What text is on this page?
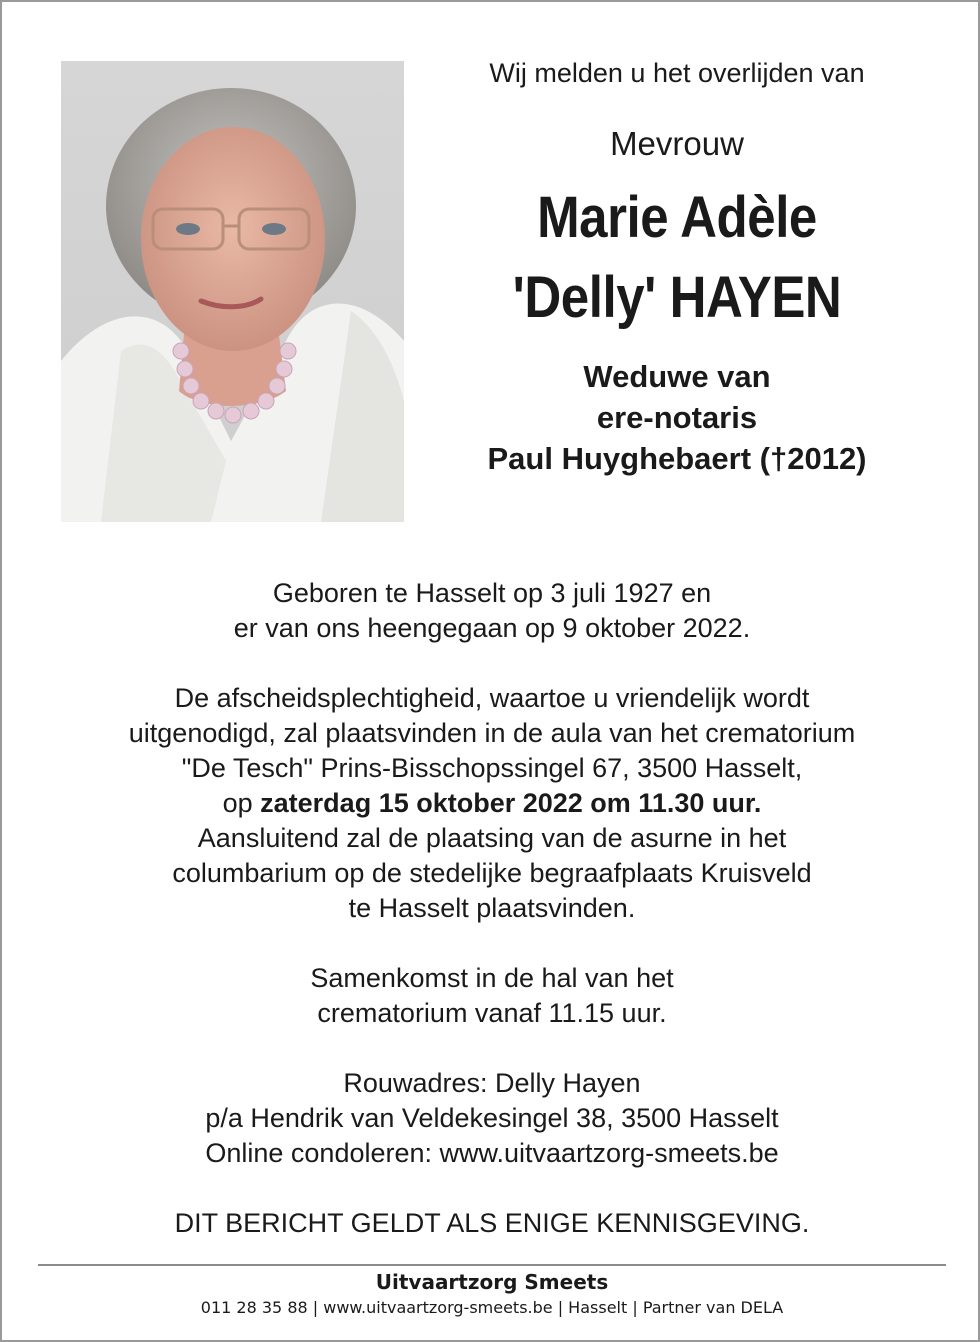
Wij melden u het overlijden van

Mevrouw

Marie Adèle
'Delly' HAYEN
Weduwe van
ere-notaris
Paul Huyghebaert (†2012)

Geboren te Hasselt op 3 juli 1927 en

er van ons heengegaan op 9 oktober 2022.

De afscheidsplechtigheid, waartoe u vriendelijk wordt

uitgenodigd, zal plaatsvinden in de aula van het crematorium

"De Tesch" Prins-Bisschopssingel 67, 3500 Hasselt,

op zaterdag 15 oktober 2022 om 11.30 uur.

Aansluitend zal de plaatsing van de asurne in het

columbarium op de stedelijke begraafplaats Kruisveld

te Hasselt plaatsvinden.

Samenkomst in de hal van het

crematorium vanaf 11.15 uur.

Rouwadres: Delly Hayen

p/a Hendrik van Veldekesingel 38, 3500 Hasselt

Online condoleren: www.uitvaartzorg-smeets.be

DIT BERICHT GELDT ALS ENIGE KENNISGEVING.

Uitvaartzorg Smeets
011 28 35 88 | www.uitvaartzorg-smeets.be | Hasselt | Partner van DELA
